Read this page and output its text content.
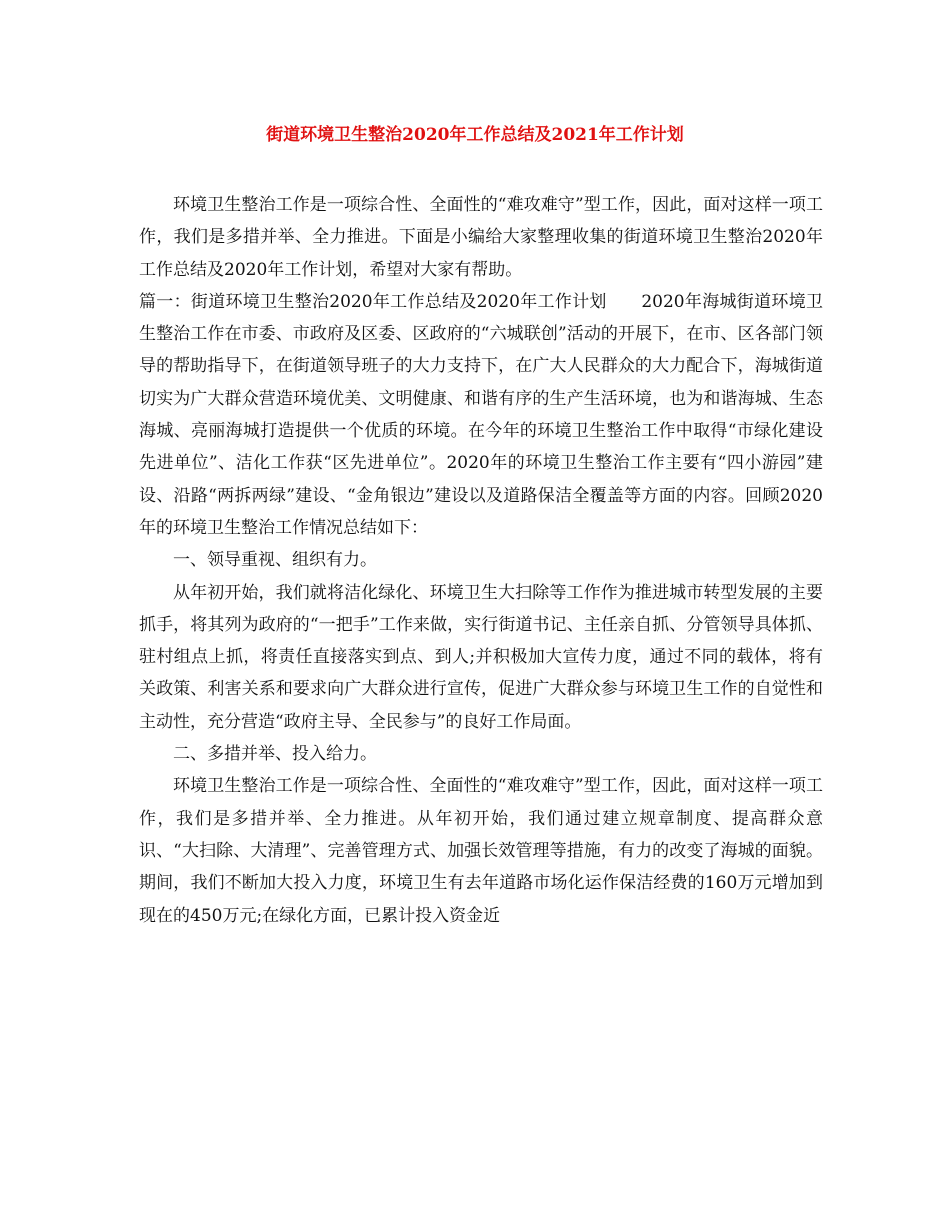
街道环境卫生整治2020年工作总结及2021年工作计划

环境卫生整治工作是一项综合性、全面性的“难攻难守”型工作，因此，面对这样一项工作，我们是多措并举、全力推进。下面是小编给大家整理收集的街道环境卫生整治2020年工作总结及2020年工作计划，希望对大家有帮助。

篇一：街道环境卫生整治2020年工作总结及2020年工作计划　　2020年海城街道环境卫生整治工作在市委、市政府及区委、区政府的“六城联创”活动的开展下，在市、区各部门领导的帮助指导下，在街道领导班子的大力支持下，在广大人民群众的大力配合下，海城街道切实为广大群众营造环境优美、文明健康、和谐有序的生产生活环境，也为和谐海城、生态海城、亮丽海城打造提供一个优质的环境。在今年的环境卫生整治工作中取得“市绿化建设先进单位”、洁化工作获“区先进单位”。2020年的环境卫生整治工作主要有“四小游园”建设、沿路“两拆两绿”建设、“金角银边”建设以及道路保洁全覆盖等方面的内容。回顾2020年的环境卫生整治工作情况总结如下：

一、领导重视、组织有力。

从年初开始，我们就将洁化绿化、环境卫生大扫除等工作作为推进城市转型发展的主要抓手，将其列为政府的“一把手”工作来做，实行街道书记、主任亲自抓、分管领导具体抓、驻村组点上抓，将责任直接落实到点、到人;并积极加大宣传力度，通过不同的载体，将有关政策、利害关系和要求向广大群众进行宣传，促进广大群众参与环境卫生工作的自觉性和主动性，充分营造“政府主导、全民参与”的良好工作局面。

二、多措并举、投入给力。

环境卫生整治工作是一项综合性、全面性的“难攻难守”型工作，因此，面对这样一项工作，我们是多措并举、全力推进。从年初开始，我们通过建立规章制度、提高群众意识、“大扫除、大清理”、完善管理方式、加强长效管理等措施，有力的改变了海城的面貌。期间，我们不断加大投入力度，环境卫生有去年道路市场化运作保洁经费的160万元增加到现在的450万元;在绿化方面，已累计投入资金近
